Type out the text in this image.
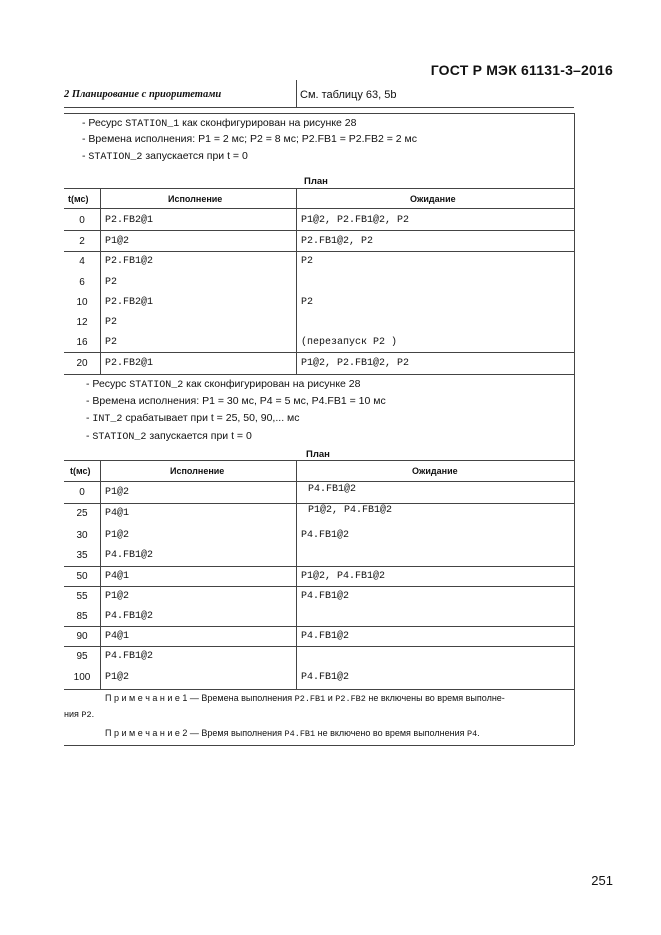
ГОСТ Р МЭК 61131-3–2016
2 Планирование с приоритетами	См. таблицу 63, 5b
- Ресурс STATION_1 как сконфигурирован на рисунке 28
- Времена исполнения: P1 = 2 мс; P2 = 8 мс; P2.FB1 = P2.FB2 = 2 мс
- STATION_2 запускается при t = 0
План
t(мс)	Исполнение	Ожидание
0	P2.FB2@1	P1@2, P2.FB1@2, P2
2	P1@2	P2.FB1@2, P2
4	P2.FB1@2	P2
6	P2
10	P2.FB2@1	P2
12	P2
16	P2	(перезапуск P2 )
20	P2.FB2@1	P1@2, P2.FB1@2, P2
- Ресурс STATION_2 как сконфигурирован на рисунке 28
- Времена исполнения: P1 = 30 мс, P4 = 5 мс, P4.FB1 = 10 мс
- INT_2 срабатывает при t = 25, 50, 90,... мс
- STATION_2 запускается при t = 0
План
t(мс)	Исполнение	Ожидание
0	P1@2	P4.FB1@2
25	P4@1	P1@2, P4.FB1@2
30	P1@2	P4.FB1@2
35	P4.FB1@2
50	P4@1	P1@2, P4.FB1@2
55	P1@2	P4.FB1@2
85	P4.FB1@2
90	P4@1	P4.FB1@2
95	P4.FB1@2
100	P1@2	P4.FB1@2
П р и м е ч а н и е 1 — Времена выполнения P2.FB1 и P2.FB2 не включены во время выполне-
ния P2.
П р и м е ч а н и е 2 — Время выполнения P4.FB1 не включено во время выполнения P4.
251
